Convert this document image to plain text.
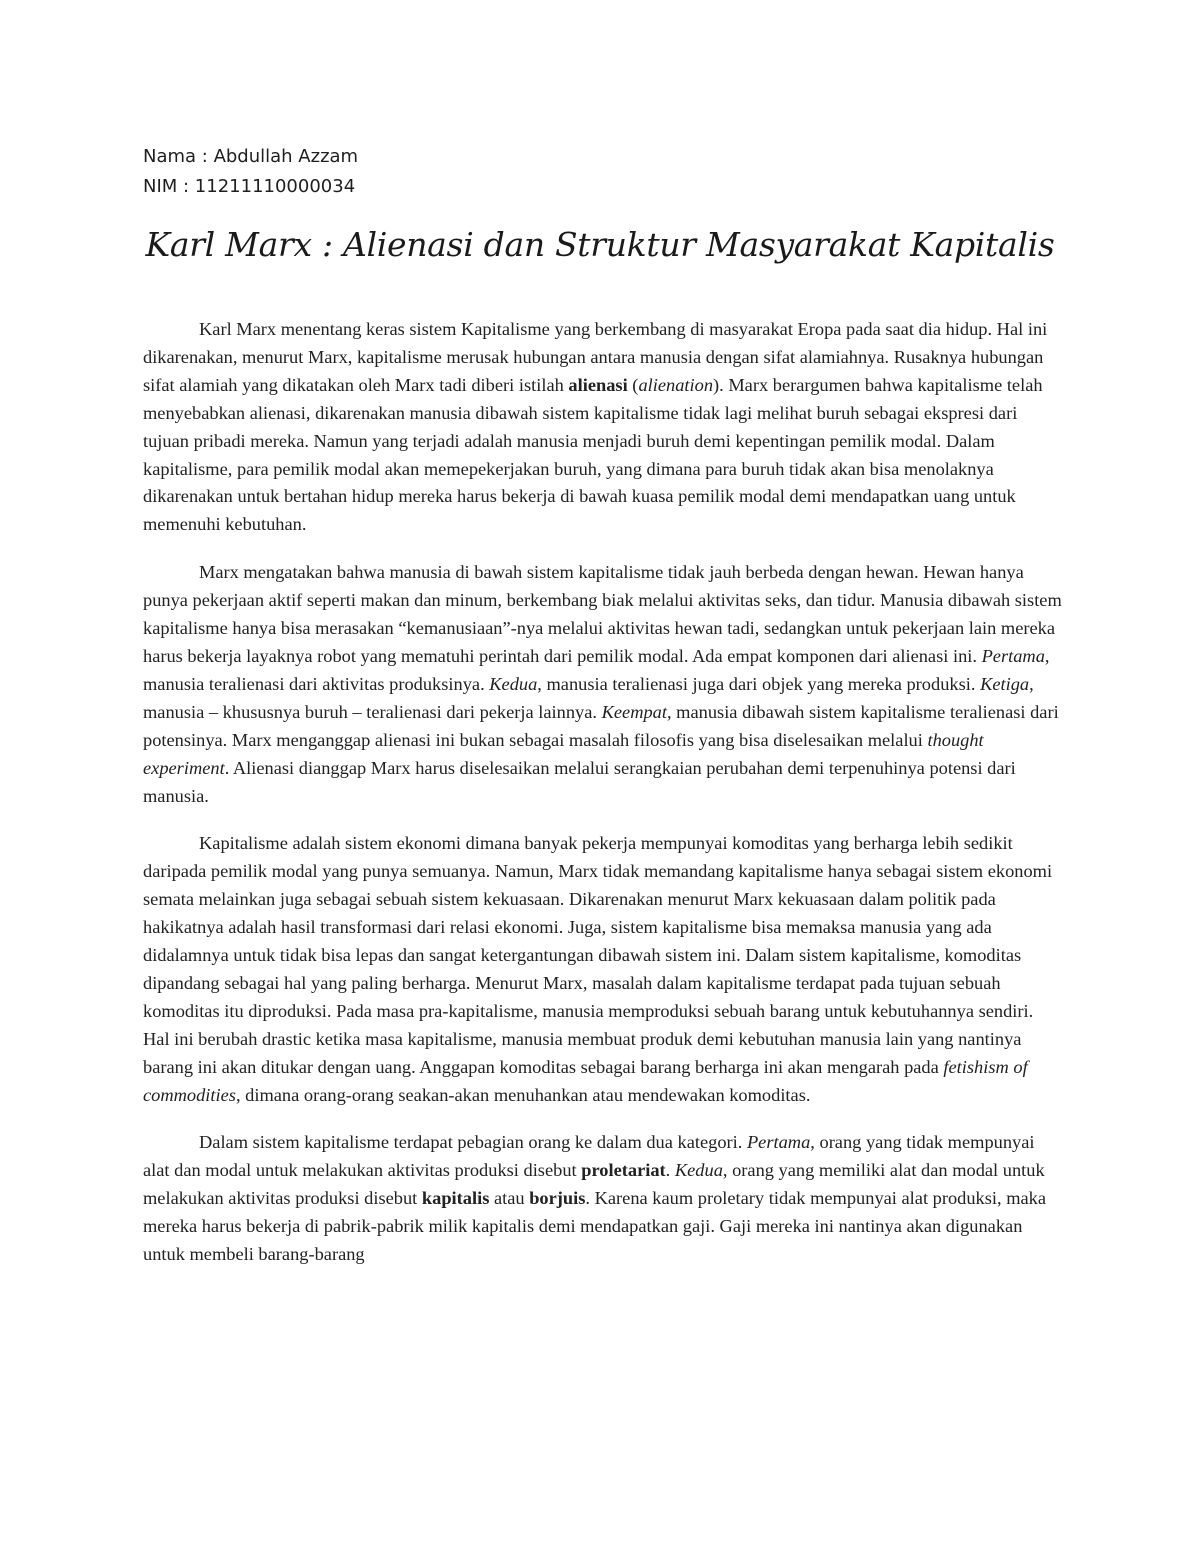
Nama : Abdullah Azzam
NIM : 11211110000034
Karl Marx : Alienasi dan Struktur Masyarakat Kapitalis

Karl Marx menentang keras sistem Kapitalisme yang berkembang di masyarakat Eropa pada saat dia hidup. Hal ini dikarenakan, menurut Marx, kapitalisme merusak hubungan antara manusia dengan sifat alamiahnya. Rusaknya hubungan sifat alamiah yang dikatakan oleh Marx tadi diberi istilah alienasi (alienation). Marx berargumen bahwa kapitalisme telah menyebabkan alienasi, dikarenakan manusia dibawah sistem kapitalisme tidak lagi melihat buruh sebagai ekspresi dari tujuan pribadi mereka. Namun yang terjadi adalah manusia menjadi buruh demi kepentingan pemilik modal. Dalam kapitalisme, para pemilik modal akan memepekerjakan buruh, yang dimana para buruh tidak akan bisa menolaknya dikarenakan untuk bertahan hidup mereka harus bekerja di bawah kuasa pemilik modal demi mendapatkan uang untuk memenuhi kebutuhan.

Marx mengatakan bahwa manusia di bawah sistem kapitalisme tidak jauh berbeda dengan hewan. Hewan hanya punya pekerjaan aktif seperti makan dan minum, berkembang biak melalui aktivitas seks, dan tidur. Manusia dibawah sistem kapitalisme hanya bisa merasakan “kemanusiaan”-nya melalui aktivitas hewan tadi, sedangkan untuk pekerjaan lain mereka harus bekerja layaknya robot yang mematuhi perintah dari pemilik modal. Ada empat komponen dari alienasi ini. Pertama, manusia teralienasi dari aktivitas produksinya. Kedua, manusia teralienasi juga dari objek yang mereka produksi. Ketiga, manusia – khususnya buruh – teralienasi dari pekerja lainnya. Keempat, manusia dibawah sistem kapitalisme teralienasi dari potensinya. Marx menganggap alienasi ini bukan sebagai masalah filosofis yang bisa diselesaikan melalui thought experiment. Alienasi dianggap Marx harus diselesaikan melalui serangkaian perubahan demi terpenuhinya potensi dari manusia.

Kapitalisme adalah sistem ekonomi dimana banyak pekerja mempunyai komoditas yang berharga lebih sedikit daripada pemilik modal yang punya semuanya. Namun, Marx tidak memandang kapitalisme hanya sebagai sistem ekonomi semata melainkan juga sebagai sebuah sistem kekuasaan. Dikarenakan menurut Marx kekuasaan dalam politik pada hakikatnya adalah hasil transformasi dari relasi ekonomi. Juga, sistem kapitalisme bisa memaksa manusia yang ada didalamnya untuk tidak bisa lepas dan sangat ketergantungan dibawah sistem ini. Dalam sistem kapitalisme, komoditas dipandang sebagai hal yang paling berharga. Menurut Marx, masalah dalam kapitalisme terdapat pada tujuan sebuah komoditas itu diproduksi. Pada masa pra-kapitalisme, manusia memproduksi sebuah barang untuk kebutuhannya sendiri. Hal ini berubah drastic ketika masa kapitalisme, manusia membuat produk demi kebutuhan manusia lain yang nantinya barang ini akan ditukar dengan uang. Anggapan komoditas sebagai barang berharga ini akan mengarah pada fetishism of commodities, dimana orang-orang seakan-akan menuhankan atau mendewakan komoditas.

Dalam sistem kapitalisme terdapat pebagian orang ke dalam dua kategori. Pertama, orang yang tidak mempunyai alat dan modal untuk melakukan aktivitas produksi disebut proletariat. Kedua, orang yang memiliki alat dan modal untuk melakukan aktivitas produksi disebut kapitalis atau borjuis. Karena kaum proletary tidak mempunyai alat produksi, maka mereka harus bekerja di pabrik-pabrik milik kapitalis demi mendapatkan gaji. Gaji mereka ini nantinya akan digunakan untuk membeli barang-barang
